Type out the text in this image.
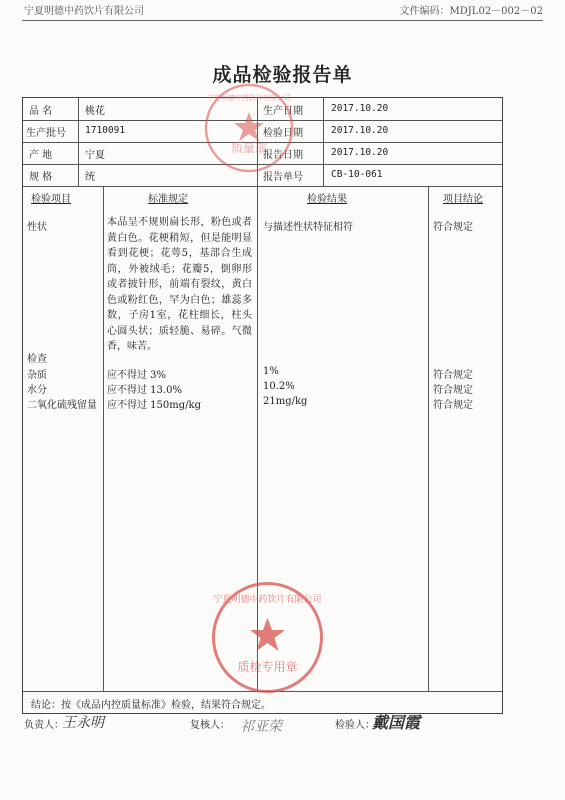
宁夏明德中药饮片有限公司	文件编码：MDJL02－002－02
成品检验报告单
品 名	桃花	生产日期	2017.10.20
生产批号 1710091	检验日期	2017.10.20
产 地	宁夏	报告日期	2017.10.20
规 格	统	报告单号	CB-10-061
检验项目	标准规定	检验结果	项目结论
性状	本品呈不规则扁长形，粉色或者黄白色。花梗稍短，但是能明显看到花梗；花萼5，基部合生成筒，外被绒毛；花瓣5，倒卵形或者披针形，前端有裂纹，黄白色或粉红色，罕为白色；雄蕊多数，子房1室，花柱细长，柱头心圆头状；质轻脆、易碎。气微香，味苦。
与描述性状特征相符	符合规定
检查
杂质	应不得过 3%	1%	符合规定
水分	应不得过 13.0%	10.2%	符合规定
二氧化硫残留量 应不得过 150mg/kg	21mg/kg	符合规定
结论：按《成品内控质量标准》检验，结果符合规定。
质量部
宁夏明德中药饮片有限公司
宁夏明德中药饮片有限公司
质检专用章
负责人：
王永明	复核人： 祁亚荣	检验人：
戴国霞
